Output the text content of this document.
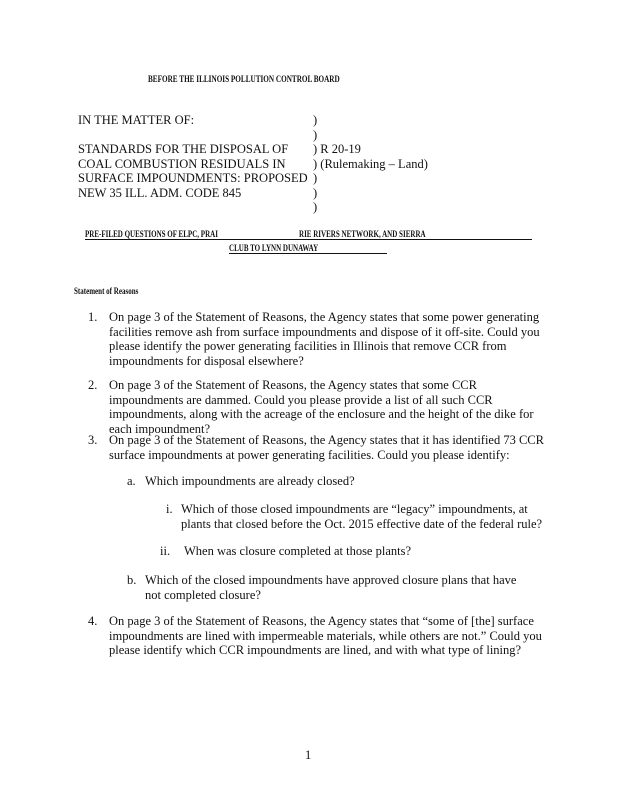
BEFORE THE ILLINOIS POLLUTION CONTROL BOARD
IN THE MATTER OF:
STANDARDS FOR THE DISPOSAL OF
COAL COMBUSTION RESIDUALS IN
SURFACE IMPOUNDMENTS: PROPOSED
NEW 35 ILL. ADM. CODE 845
)
)
) R 20-19
) (Rulemaking – Land)
)
)
)
PRE-FILED QUESTIONS OF ELPC, PRAI	RIE RIVERS NETWORK, AND SIERRA
CLUB TO LYNN DUNAWAY
Statement of Reasons
1. On page 3 of the Statement of Reasons, the Agency states that some power generating facilities remove ash from surface impoundments and dispose of it off-site. Could you please identify the power generating facilities in Illinois that remove CCR from impoundments for disposal elsewhere?
2. On page 3 of the Statement of Reasons, the Agency states that some CCR impoundments are dammed. Could you please provide a list of all such CCR impoundments, along with the acreage of the enclosure and the height of the dike for each impoundment?
3. On page 3 of the Statement of Reasons, the Agency states that it has identified 73 CCR surface impoundments at power generating facilities. Could you please identify:
a. Which impoundments are already closed?
i. Which of those closed impoundments are “legacy” impoundments, at plants that closed before the Oct. 2015 effective date of the federal rule?
ii. When was closure completed at those plants?
b. Which of the closed impoundments have approved closure plans that have not completed closure?
4. On page 3 of the Statement of Reasons, the Agency states that “some of [the] surface impoundments are lined with impermeable materials, while others are not.” Could you please identify which CCR impoundments are lined, and with what type of lining?
1
